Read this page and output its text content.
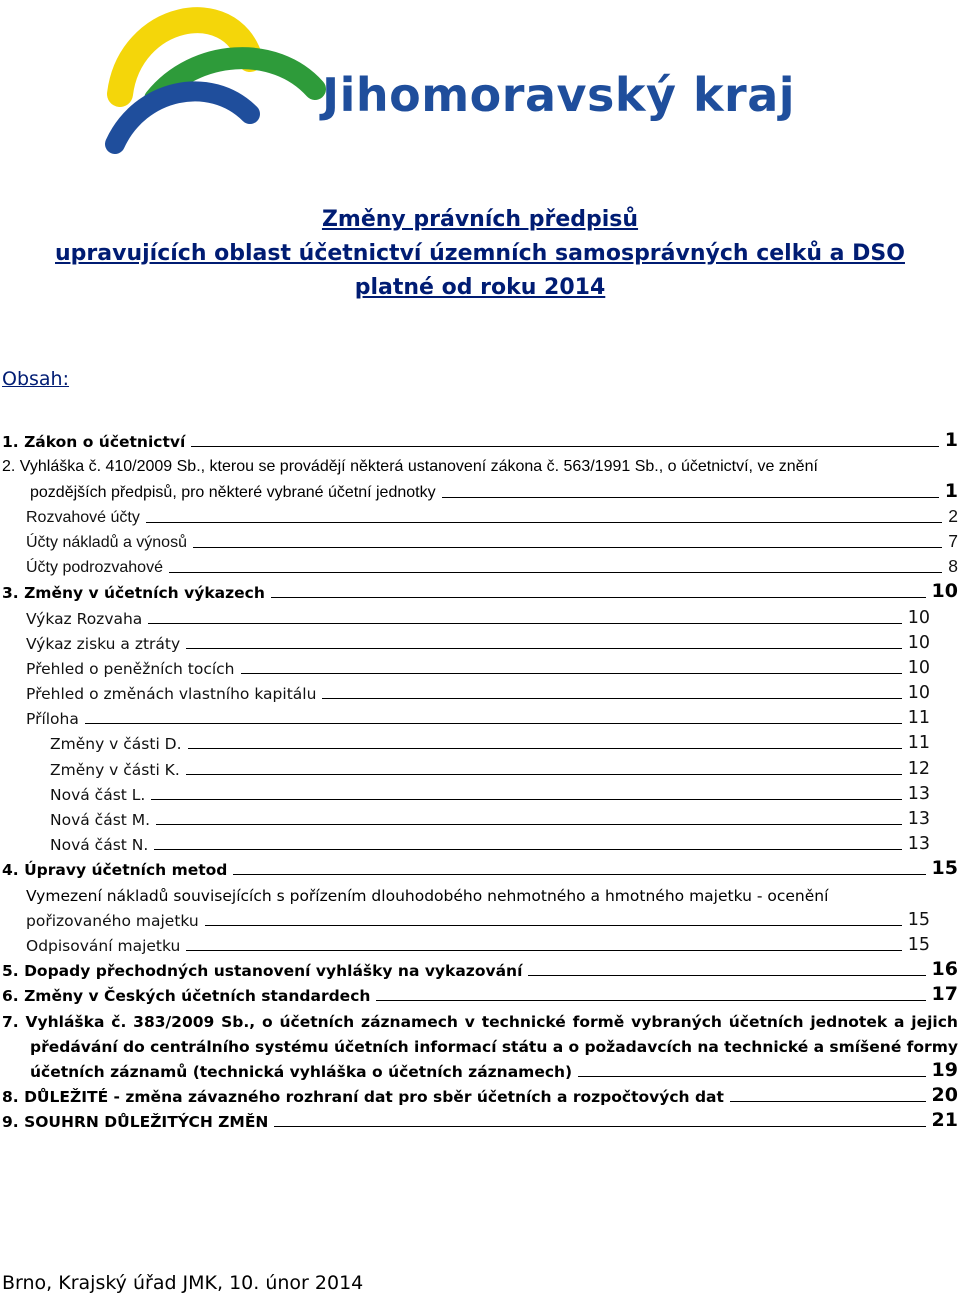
Jihomoravský kraj
Změny právních předpisů
upravujících oblast účetnictví územních samosprávných celků a DSO
platné od roku 2014
Obsah:
1. Zákon o účetnictví	1
2. Vyhláška č. 410/2009 Sb., kterou se provádějí některá ustanovení zákona č. 563/1991 Sb., o účetnictví, ve znění
pozdějších předpisů, pro některé vybrané účetní jednotky	1
Rozvahové účty	2
Účty nákladů a výnosů	7
Účty podrozvahové	8
3. Změny v účetních výkazech	10
Výkaz Rozvaha	10
Výkaz zisku a ztráty	10
Přehled o peněžních tocích	10
Přehled o změnách vlastního kapitálu	10
Příloha	11
Změny v části D.	11
Změny v části K.	12
Nová část L.	13
Nová část M.	13
Nová část N.	13
4. Úpravy účetních metod	15
Vymezení nákladů souvisejících s pořízením dlouhodobého nehmotného a hmotného majetku - ocenění
pořizovaného majetku	15
Odpisování majetku	15
5. Dopady přechodných ustanovení vyhlášky na vykazování	16
6. Změny v Českých účetních standardech	17
7. Vyhláška č. 383/2009 Sb., o účetních záznamech v technické formě vybraných účetních jednotek a jejich
předávání do centrálního systému účetních informací státu a o požadavcích na technické a smíšené formy
účetních záznamů (technická vyhláška o účetních záznamech)	19
8. DŮLEŽITÉ - změna závazného rozhraní dat pro sběr účetních a rozpočtových dat	20
9. SOUHRN DŮLEŽITÝCH ZMĚN	21
Brno, Krajský úřad JMK, 10. únor 2014
